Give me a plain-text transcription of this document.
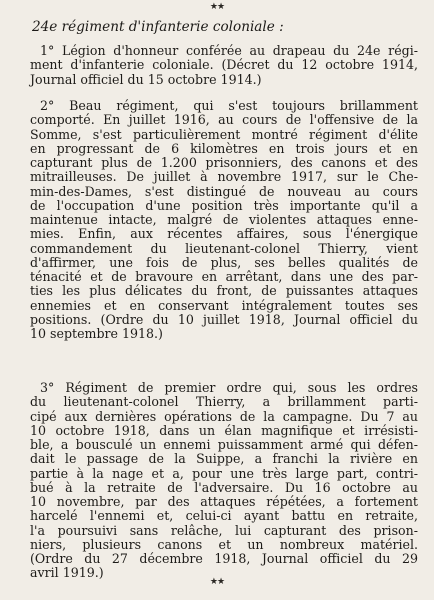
★★
24e régiment d'infanterie coloniale :
1° Légion d'honneur conférée au drapeau du 24e régi-
ment d'infanterie coloniale. (Décret du 12 octobre 1914,
Journal officiel du 15 octobre 1914.)
2° Beau régiment, qui s'est toujours brillamment
comporté. En juillet 1916, au cours de l'offensive de la
Somme, s'est particulièrement montré régiment d'élite
en progressant de 6 kilomètres en trois jours et en
capturant plus de 1.200 prisonniers, des canons et des
mitrailleuses. De juillet à novembre 1917, sur le Che-
min-des-Dames, s'est distingué de nouveau au cours
de l'occupation d'une position très importante qu'il a
maintenue intacte, malgré de violentes attaques enne-
mies. Enfin, aux récentes affaires, sous l'énergique
commandement du lieutenant-colonel Thierry, vient
d'affirmer, une fois de plus, ses belles qualités de
ténacité et de bravoure en arrêtant, dans une des par-
ties les plus délicates du front, de puissantes attaques
ennemies et en conservant intégralement toutes ses
positions. (Ordre du 10 juillet 1918, Journal officiel du
10 septembre 1918.)
3° Régiment de premier ordre qui, sous les ordres
du lieutenant-colonel Thierry, a brillamment parti-
cipé aux dernières opérations de la campagne. Du 7 au
10 octobre 1918, dans un élan magnifique et irrésisti-
ble, a bousculé un ennemi puissamment armé qui défen-
dait le passage de la Suippe, a franchi la rivière en
partie à la nage et a, pour une très large part, contri-
bué à la retraite de l'adversaire. Du 16 octobre au
10 novembre, par des attaques répétées, a fortement
harcelé l'ennemi et, celui-ci ayant battu en retraite,
l'a poursuivi sans relâche, lui capturant des prison-
niers, plusieurs canons et un nombreux matériel.
(Ordre du 27 décembre 1918, Journal officiel du 29
avril 1919.)
★★
